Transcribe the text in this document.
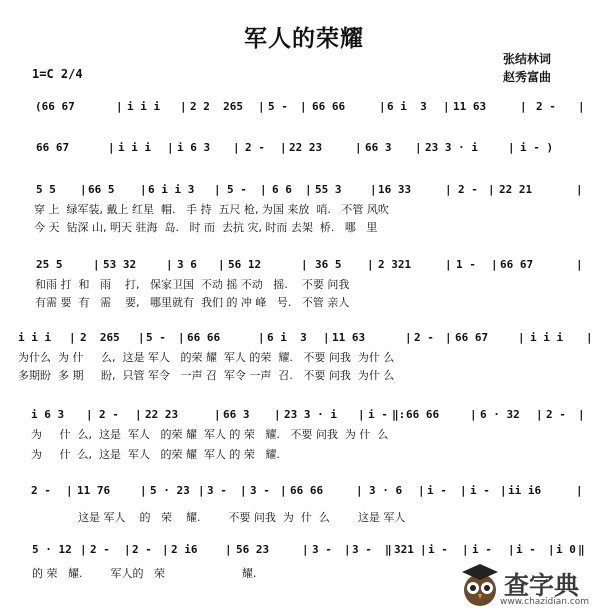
军人的荣耀
张结林词
赵秀富曲
1=C 2/4
(66 67	| i i i | 2 2  265 | 5 - | 66 66	| 6 i  3 | 11 63	| 2 - |
66 67	| i i i | i 6 3 | 2 - | 22 23	| 66 3 | 23 3 · i	| i - )
5 5 | 66 5 | 6 i i 3 | 5 - | 6 6 | 55 3	| 16 33	| 2 - | 22 21	|
穿 上  绿军装, 戴上 红星  帽.   手 持  五尺 枪, 为国 来放  哨.   不管 风吹
今 天  钻深 山, 明天 驻海  岛.   时 而  去抗 灾, 时而 去架  桥.   哪   里
25 5	| 53 32	| 3 6 | 56 12	| 36 5 | 2 321	| 1 - | 66 67	|
和雨 打  和   雨    打,   保家卫国  不动 摇 不动   摇.    不要 问我
有需 要  有   需    要,   哪里就有  我们 的 冲 峰   号.   不管 亲人
i i i | 2  265 | 5 - | 66 66	| 6 i  3 | 11 63	| 2 - | 66 67	| i i i |
为什么  为 什     么,  这是 军人   的荣 耀  军人 的荣  耀.   不要 问我  为什 么
多期盼  多 期     盼,  只管 军令   一声 召  军令 一声  召.   不要 问我  为什 么
i 6 3 | 2 - | 22 23	| 66 3 | 23 3 · i | i - ‖: 66 66	| 6 · 32 | 2 - |
为     什  么,  这是  军人   的荣 耀  军人 的 荣   耀.   不要 问我  为 什  么
为     什  么,  这是  军人   的荣 耀  军人 的 荣   耀.
2 - | 11 76	| 5 · 23 | 3 - | 3 - | 66 66	| 3 · 6 | i - | i - | ii i6	|
这是 军人    的   荣    耀.        不要 问我  为  什  么        这是 军人
5 · 12 | 2 - | 2 - | 2 i6	| 56 23	| 3 - | 3 - ‖ 321 | i - | i - | i - | i 0 ‖
的 荣   耀.        军人的   荣                      耀.	查字典
www.chazidian.com
